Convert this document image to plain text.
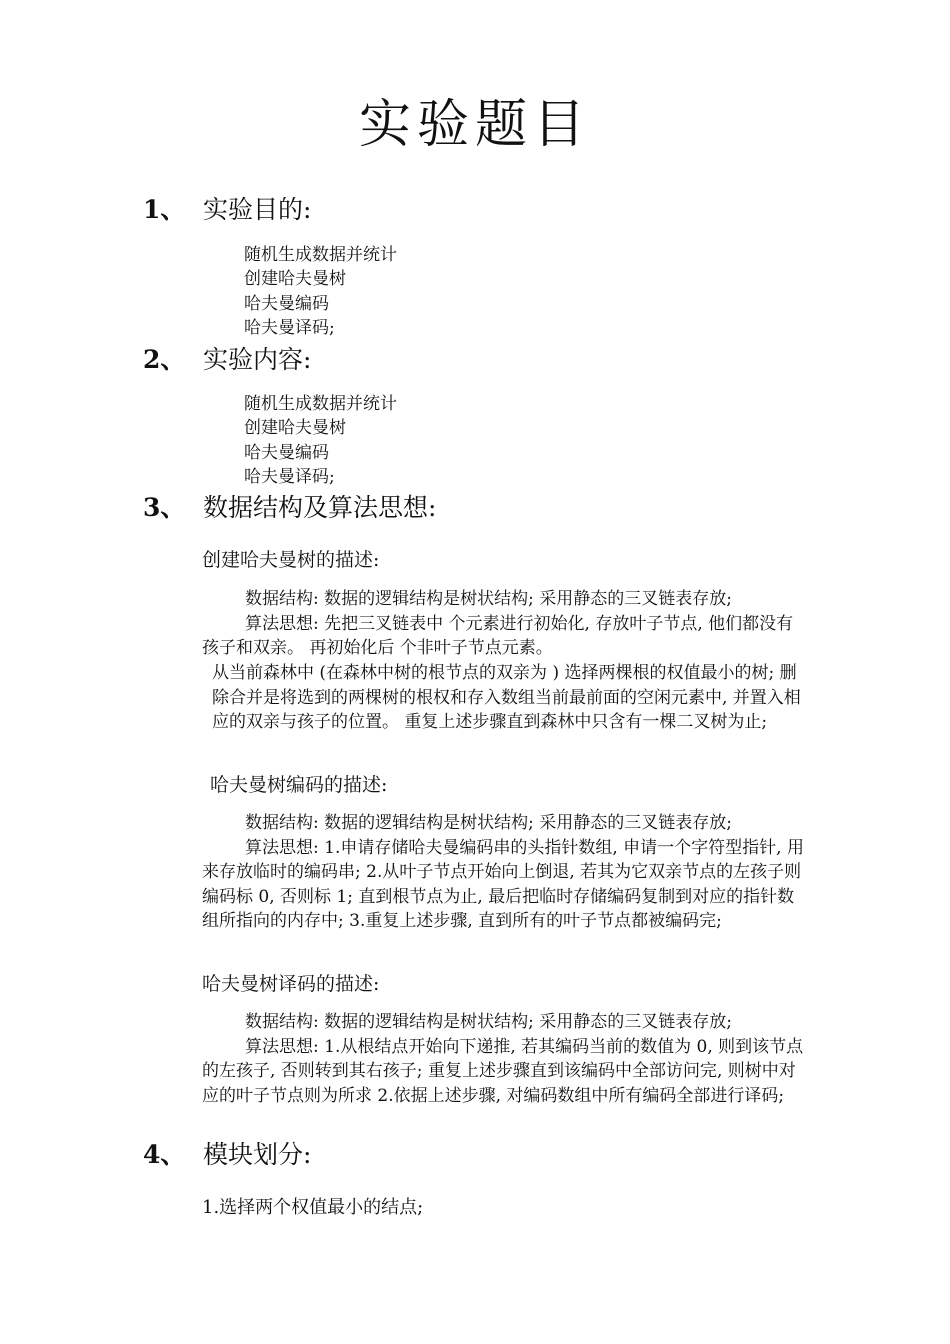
实验题目
1、 实验目的:
随机生成数据并统计
创建哈夫曼树
哈夫曼编码
哈夫曼译码;
2、 实验内容:
随机生成数据并统计
创建哈夫曼树
哈夫曼编码
哈夫曼译码;
3、 数据结构及算法思想:
创建哈夫曼树的描述:

数据结构: 数据的逻辑结构是树状结构; 采用静态的三叉链表存放;

算法思想: 先把三叉链表中 个元素进行初始化, 存放叶子节点, 他们都没有孩子和双亲。 再初始化后 个非叶子节点元素。

从当前森林中 (在森林中树的根节点的双亲为 ) 选择两棵根的权值最小的树; 删除合并是将选到的两棵树的根权和存入数组当前最前面的空闲元素中, 并置入相应的双亲与孩子的位置。 重复上述步骤直到森林中只含有一棵二叉树为止;

哈夫曼树编码的描述:

数据结构: 数据的逻辑结构是树状结构; 采用静态的三叉链表存放;

算法思想: 1.申请存储哈夫曼编码串的头指针数组, 申请一个字符型指针, 用来存放临时的编码串; 2.从叶子节点开始向上倒退, 若其为它双亲节点的左孩子则编码标 0, 否则标 1; 直到根节点为止, 最后把临时存储编码复制到对应的指针数组所指向的内存中; 3.重复上述步骤, 直到所有的叶子节点都被编码完;

哈夫曼树译码的描述:

数据结构: 数据的逻辑结构是树状结构; 采用静态的三叉链表存放;

算法思想: 1.从根结点开始向下递推, 若其编码当前的数值为 0, 则到该节点的左孩子, 否则转到其右孩子; 重复上述步骤直到该编码中全部访问完, 则树中对应的叶子节点则为所求 2.依据上述步骤, 对编码数组中所有编码全部进行译码;

4、 模块划分:
1.选择两个权值最小的结点;
